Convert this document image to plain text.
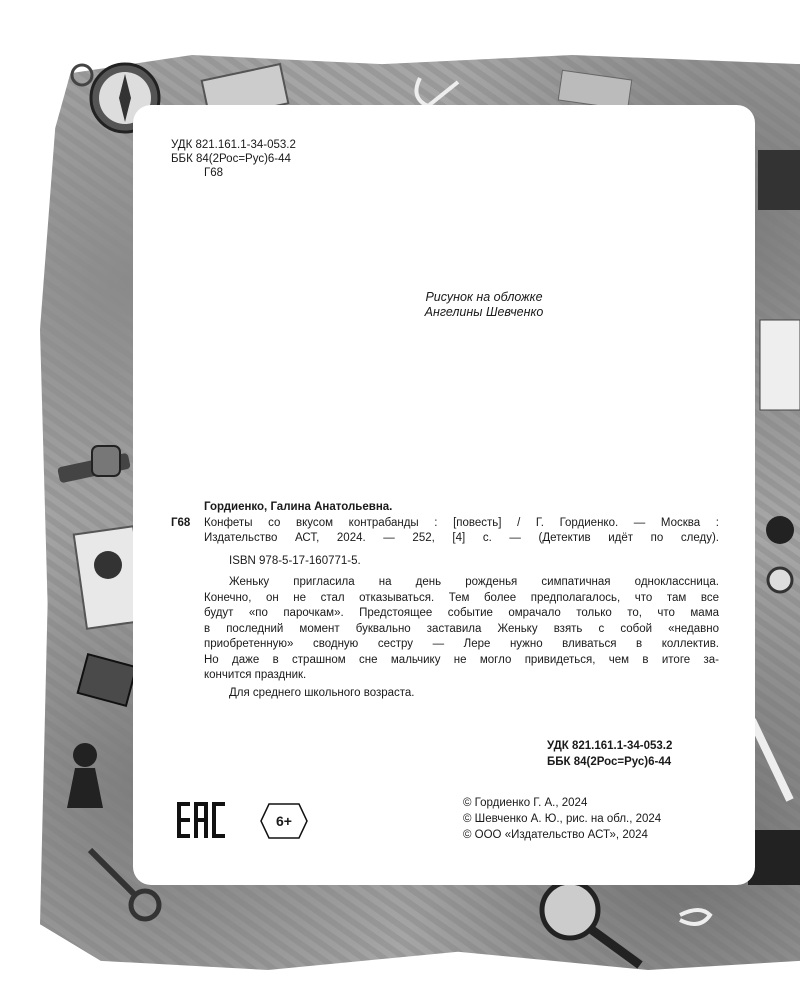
УДК 821.161.1-34-053.2
ББК 84(2Рос=Рус)6-44
Г68
Рисунок на обложке
Ангелины Шевченко
Гордиенко, Галина Анатольевна.
Г68	Конфеты со вкусом контрабанды : [повесть] / Г. Гордиенко. — Москва :
Издательство АСТ, 2024. — 252, [4] с. — (Детектив идёт по следу).
ISBN 978-5-17-160771-5.
Женьку пригласила на день рожденья симпатичная одноклассница.
Конечно, он не стал отказываться. Тем более предполагалось, что там все
будут «по парочкам». Предстоящее событие омрачало только то, что мама
в последний момент буквально заставила Женьку взять с собой «недавно
приобретенную» сводную сестру — Лере нужно вливаться в коллектив.
Но даже в страшном сне мальчику не могло привидеться, чем в итоге за-
кончится праздник.
Для среднего школьного возраста.
УДК 821.161.1-34-053.2
ББК 84(2Рос=Рус)6-44
6+
© Гордиенко Г. А., 2024
© Шевченко А. Ю., рис. на обл., 2024
© ООО «Издательство АСТ», 2024
